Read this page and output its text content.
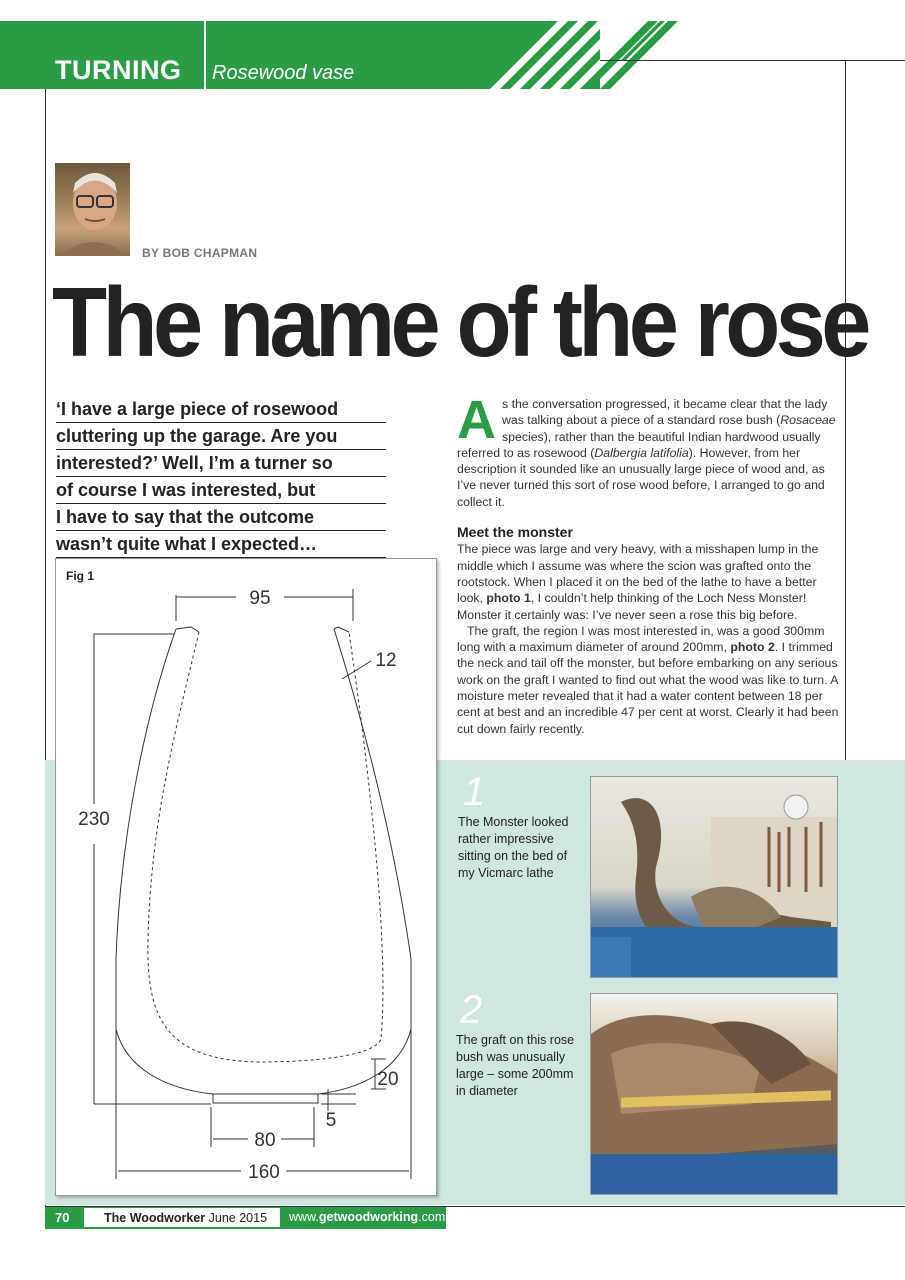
TURNING Rosewood vase
BY BOB CHAPMAN
The name of the rose
‘I have a large piece of rosewood
cluttering up the garage. Are you
interested?’ Well, I’m a turner so
of course I was interested, but
I have to say that the outcome
wasn’t quite what I expected…

As the conversation progressed, it became clear that the lady was talking about a piece of a standard rose bush (Rosaceae species), rather than the beautiful Indian hardwood usually referred to as rosewood (Dalbergia latifolia). However, from her description it sounded like an unusually large piece of wood and, as I’ve never turned this sort of rose wood before, I arranged to go and collect it.

Meet the monster

The piece was large and very heavy, with a misshapen lump in the middle which I assume was where the scion was grafted onto the rootstock. When I placed it on the bed of the lathe to have a better look, photo 1, I couldn’t help thinking of the Loch Ness Monster! Monster it certainly was: I’ve never seen a rose this big before.

The graft, the region I was most interested in, was a good 300mm long with a maximum diameter of around 200mm, photo 2. I trimmed the neck and tail off the monster, but before embarking on any serious work on the graft I wanted to find out what the wood was like to turn. A moisture meter revealed that it had a water content between 18 per cent at best and an incredible 47 per cent at worst. Clearly it had been cut down fairly recently.

Fig 1
95
12
230
20
5
80
160
1
The Monster looked rather impressive sitting on the bed of my Vicmarc lathe
2
The graft on this rose bush was unusually large – some 200mm in diameter
70	The Woodworker June 2015	www.getwoodworking.com
